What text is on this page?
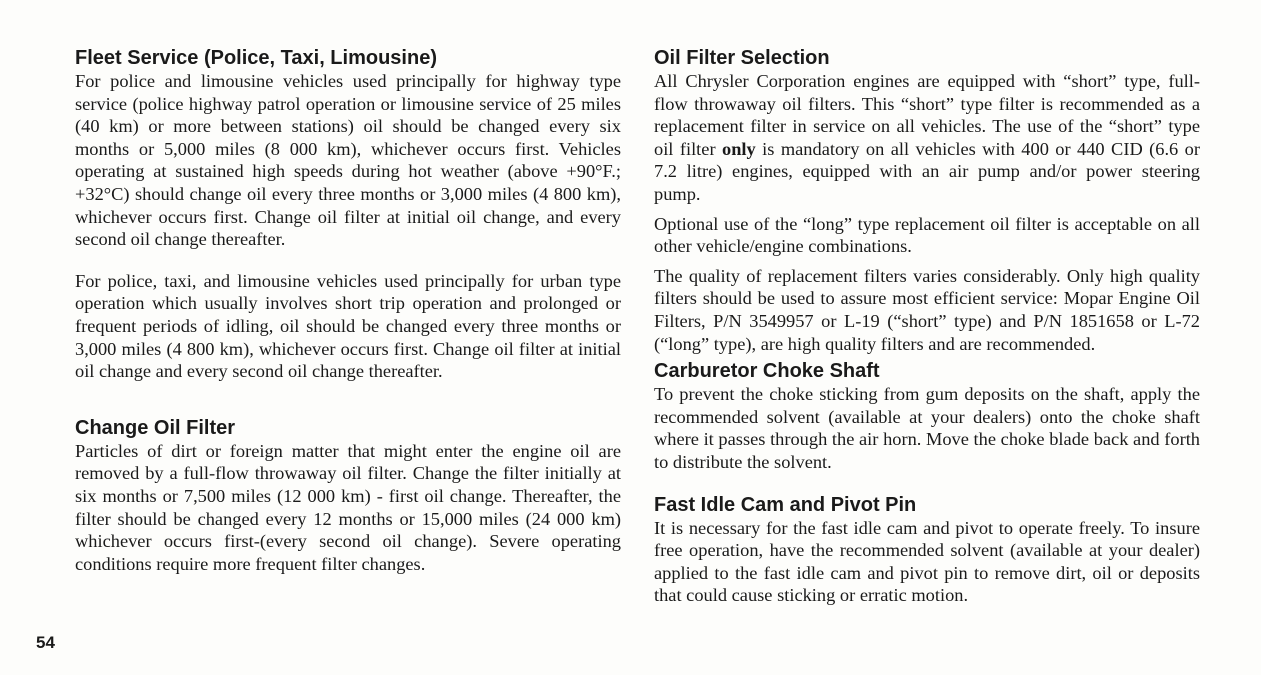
Fleet Service (Police, Taxi, Limousine)

For police and limousine vehicles used principally for highway type service (police highway patrol operation or limousine service of 25 miles (40 km) or more between stations) oil should be changed every six months or 5,000 miles (8 000 km), whichever occurs first. Vehicles operating at sustained high speeds during hot weather (above +90°F.; +32°C) should change oil every three months or 3,000 miles (4 800 km), whichever occurs first. Change oil filter at initial oil change, and every second oil change thereafter.

For police, taxi, and limousine vehicles used principally for urban type operation which usually involves short trip operation and prolonged or frequent periods of idling, oil should be changed every three months or 3,000 miles (4 800 km), whichever occurs first. Change oil filter at initial oil change and every second oil change thereafter.

Change Oil Filter

Particles of dirt or foreign matter that might enter the engine oil are removed by a full-flow throwaway oil filter. Change the filter initially at six months or 7,500 miles (12 000 km) - first oil change. Thereafter, the filter should be changed every 12 months or 15,000 miles (24 000 km) whichever occurs first-(every second oil change). Severe operating conditions require more frequent filter changes.

Oil Filter Selection

All Chrysler Corporation engines are equipped with “short” type, full-flow throwaway oil filters. This “short” type filter is recommended as a replacement filter in service on all vehicles. The use of the “short” type oil filter only is mandatory on all vehicles with 400 or 440 CID (6.6 or 7.2 litre) engines, equipped with an air pump and/or power steering pump.

Optional use of the “long” type replacement oil filter is acceptable on all other vehicle/engine combinations.

The quality of replacement filters varies considerably. Only high quality filters should be used to assure most efficient service: Mopar Engine Oil Filters, P/N 3549957 or L-19 (“short” type) and P/N 1851658 or L-72 (“long” type), are high quality filters and are recommended.

Carburetor Choke Shaft

To prevent the choke sticking from gum deposits on the shaft, apply the recommended solvent (available at your dealers) onto the choke shaft where it passes through the air horn. Move the choke blade back and forth to distribute the solvent.

Fast Idle Cam and Pivot Pin

It is necessary for the fast idle cam and pivot to operate freely. To insure free operation, have the recommended solvent (available at your dealer) applied to the fast idle cam and pivot pin to remove dirt, oil or deposits that could cause sticking or erratic motion.

54
